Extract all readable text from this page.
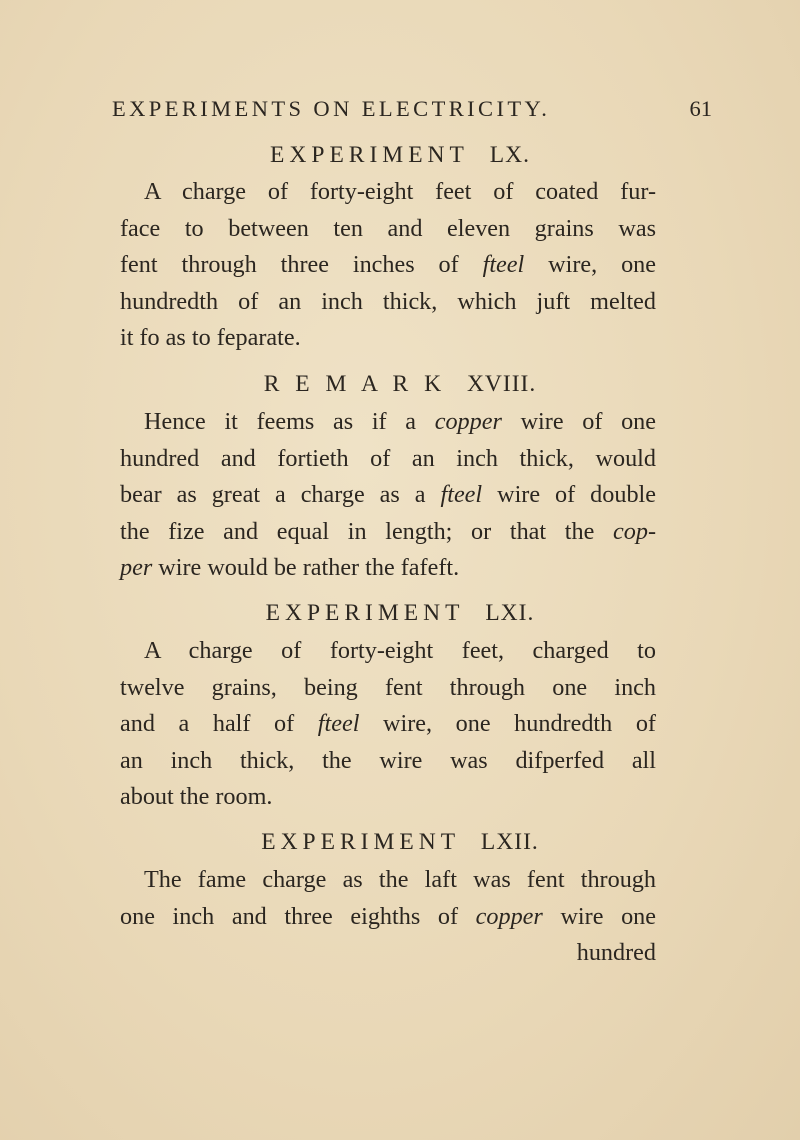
EXPERIMENTS ON ELECTRICITY.	61
EXPERIMENT LX.
A charge of forty-eight feet of coated fur-
face to between ten and eleven grains was
fent through three inches of fteel wire, one
hundredth of an inch thick, which juft melted
it fo as to feparate.
R E M A R K XVIII.
Hence it feems as if a copper wire of one
hundred and fortieth of an inch thick, would
bear as great a charge as a fteel wire of double
the fize and equal in length; or that the cop-
per wire would be rather the fafeft.
EXPERIMENT LXI.
A charge of forty-eight feet, charged to
twelve grains, being fent through one inch
and a half of fteel wire, one hundredth of
an inch thick, the wire was difperfed all
about the room.
EXPERIMENT LXII.
The fame charge as the laft was fent through
one inch and three eighths of copper wire one
hundred
